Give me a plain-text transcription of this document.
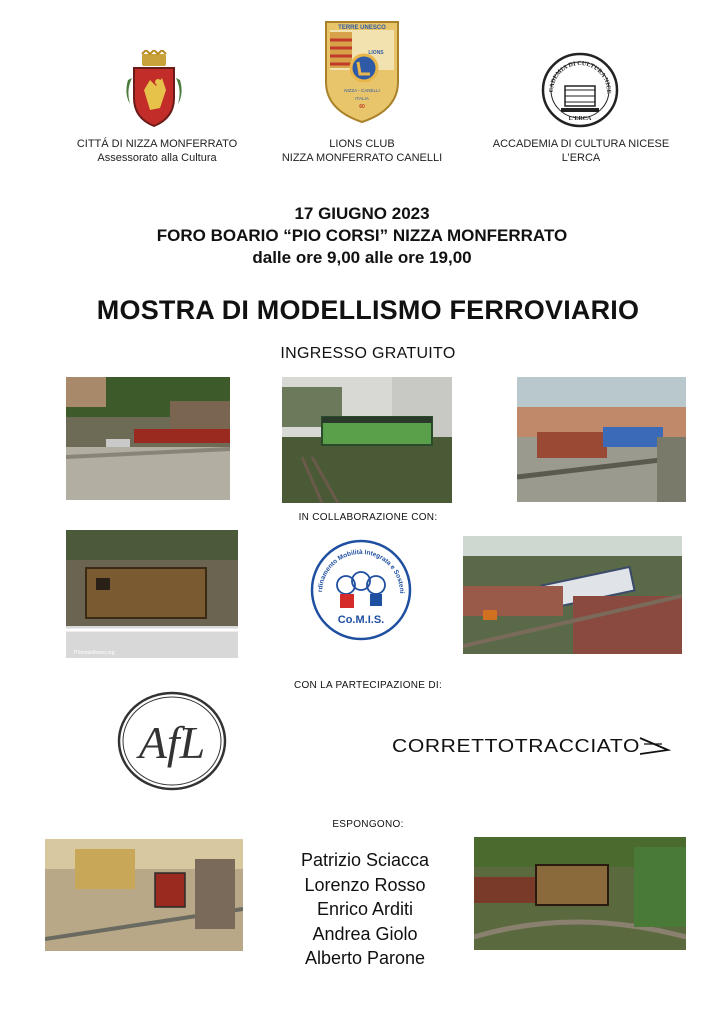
TERRE UNESCO
LIONS
NIZZA - CANELLI
ITALIA
60
CADEMIA DI CULTURA NICE
L'ERCA
CITTÁ DI NIZZA MONFERRATO
Assessorato alla Cultura
LIONS CLUB
NIZZA MONFERRATO CANELLI
ACCADEMIA DI CULTURA NICESE
L’ERCA
17 GIUGNO 2023
FORO BOARIO “PIO CORSI” NIZZA MONFERRATO
dalle ore 9,00 alle ore 19,00
MOSTRA DI MODELLISMO FERROVIARIO
INGRESSO GRATUITO
IN COLLABORAZIONE CON:
PSmodellismo.org
rdinamento Mobilità Integrata e Sosteni
Co.M.I.S.
CON LA PARTECIPAZIONE DI:
AfL	CORRETTOTRACCIATO
ESPONGONO:
Patrizio Sciacca
Lorenzo Rosso
Enrico Arditi
Andrea Giolo
Alberto Parone
